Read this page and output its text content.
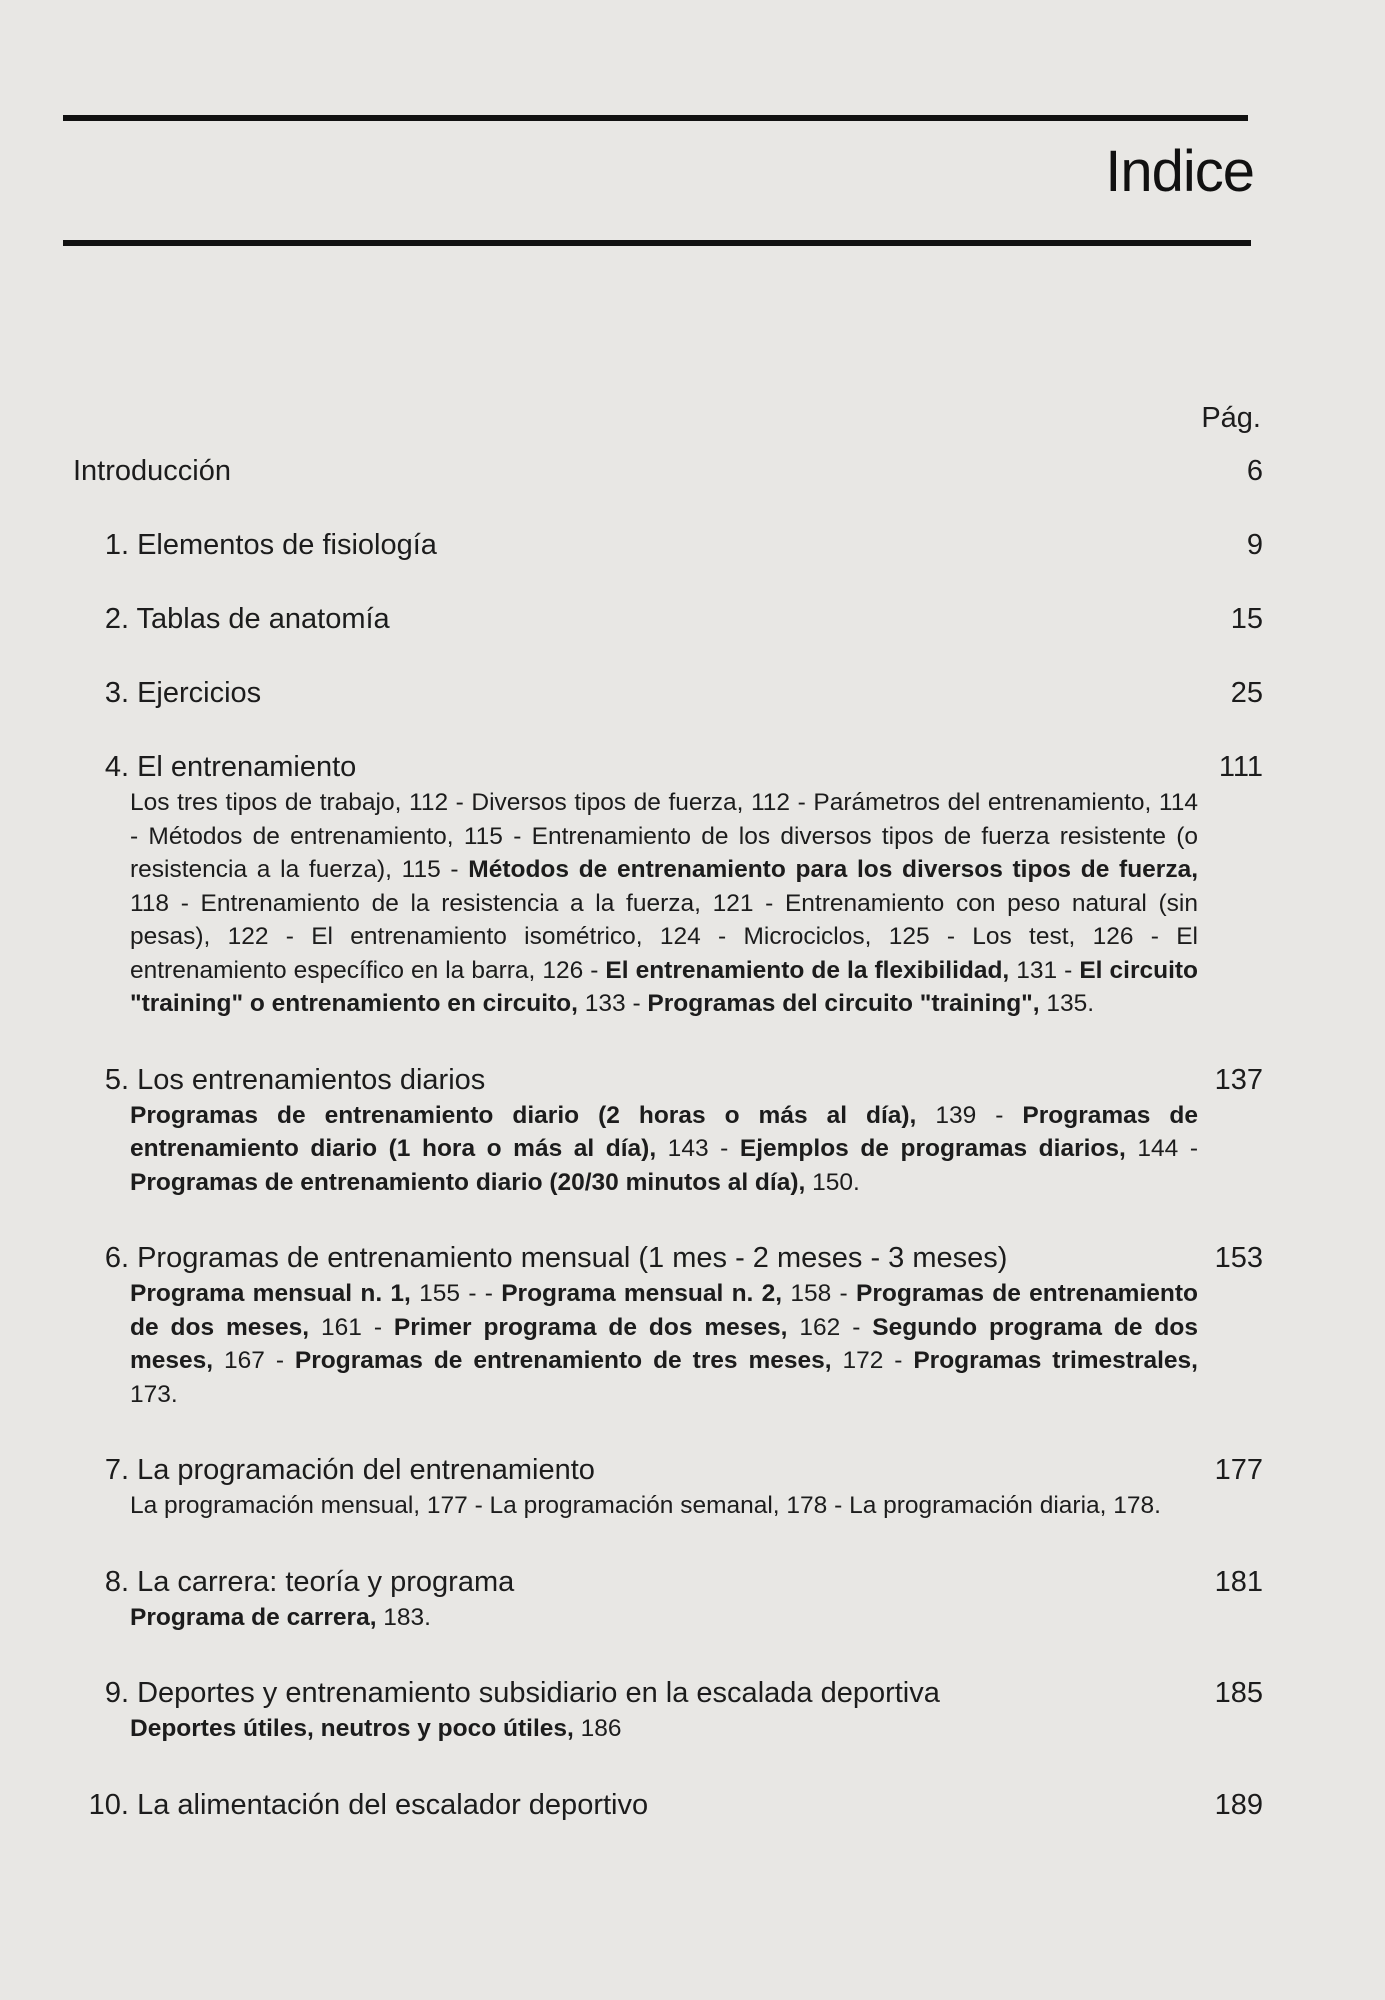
Indice
Pág.
Introducción	6
1. Elementos de fisiología	9
2. Tablas de anatomía	15
3. Ejercicios	25
4. El entrenamiento	111
Los tres tipos de trabajo, 112 - Diversos tipos de fuerza, 112 - Parámetros del entrenamiento, 114 - Métodos de entrenamiento, 115 - Entrenamiento de los diversos tipos de fuerza resistente (o resistencia a la fuerza), 115 - Métodos de entrenamiento para los diversos tipos de fuerza, 118 - Entrenamiento de la resistencia a la fuerza, 121 - Entrenamiento con peso natural (sin pesas), 122 - El entrenamiento isométrico, 124 - Microciclos, 125 - Los test, 126 - El entrenamiento específico en la barra, 126 - El entrenamiento de la flexibilidad, 131 - El circuito "training" o entrenamiento en circuito, 133 - Programas del circuito "training", 135.
5. Los entrenamientos diarios	137
Programas de entrenamiento diario (2 horas o más al día), 139 - Programas de entrenamiento diario (1 hora o más al día), 143 - Ejemplos de programas diarios, 144 - Programas de entrenamiento diario (20/30 minutos al día), 150.
6. Programas de entrenamiento mensual (1 mes - 2 meses - 3 meses)	153
Programa mensual n. 1, 155 - - Programa mensual n. 2, 158 - Programas de entrenamiento de dos meses, 161 - Primer programa de dos meses, 162 - Segundo programa de dos meses, 167 - Programas de entrenamiento de tres meses, 172 - Programas trimestrales, 173.
7. La programación del entrenamiento	177
La programación mensual, 177 - La programación semanal, 178 - La programación diaria, 178.
8. La carrera: teoría y programa	181
Programa de carrera, 183.
9. Deportes y entrenamiento subsidiario en la escalada deportiva	185
Deportes útiles, neutros y poco útiles, 186
10. La alimentación del escalador deportivo	189
